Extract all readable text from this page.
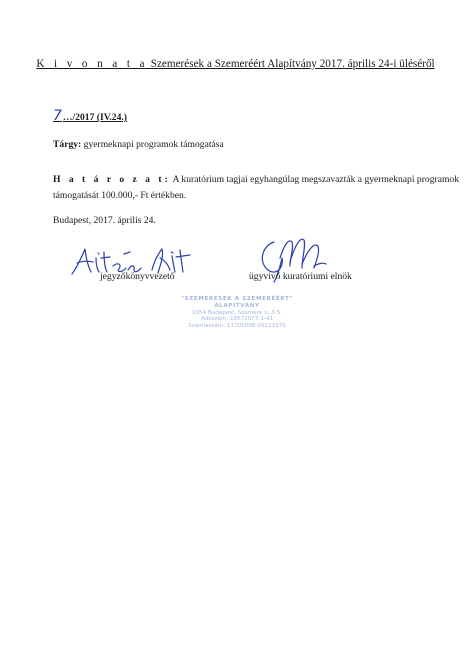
K i v o n a t a Szemerések a Szemeréért Alapítvány 2017. április 24-i üléséről
7…/2017 (IV.24.)
Tárgy: gyermeknapi programok támogatása
H a t á r o z a t: A kuratórium tagjai egyhangúlag megszavazták a gyermeknapi programok
támogatását 100.000,- Ft értékben.
Budapest, 2017. április 24.
jegyzőkönyvvezető	ügyvivő kuratóriumi elnök
"SZEMERÉSEK A SZEMERÉÉRT"
ALAPÍTVÁNY
1054 Budapest, Szemere u. 3-5.
Adószám: 18672077-1-41
Számlaszám: 11705008-20221970
